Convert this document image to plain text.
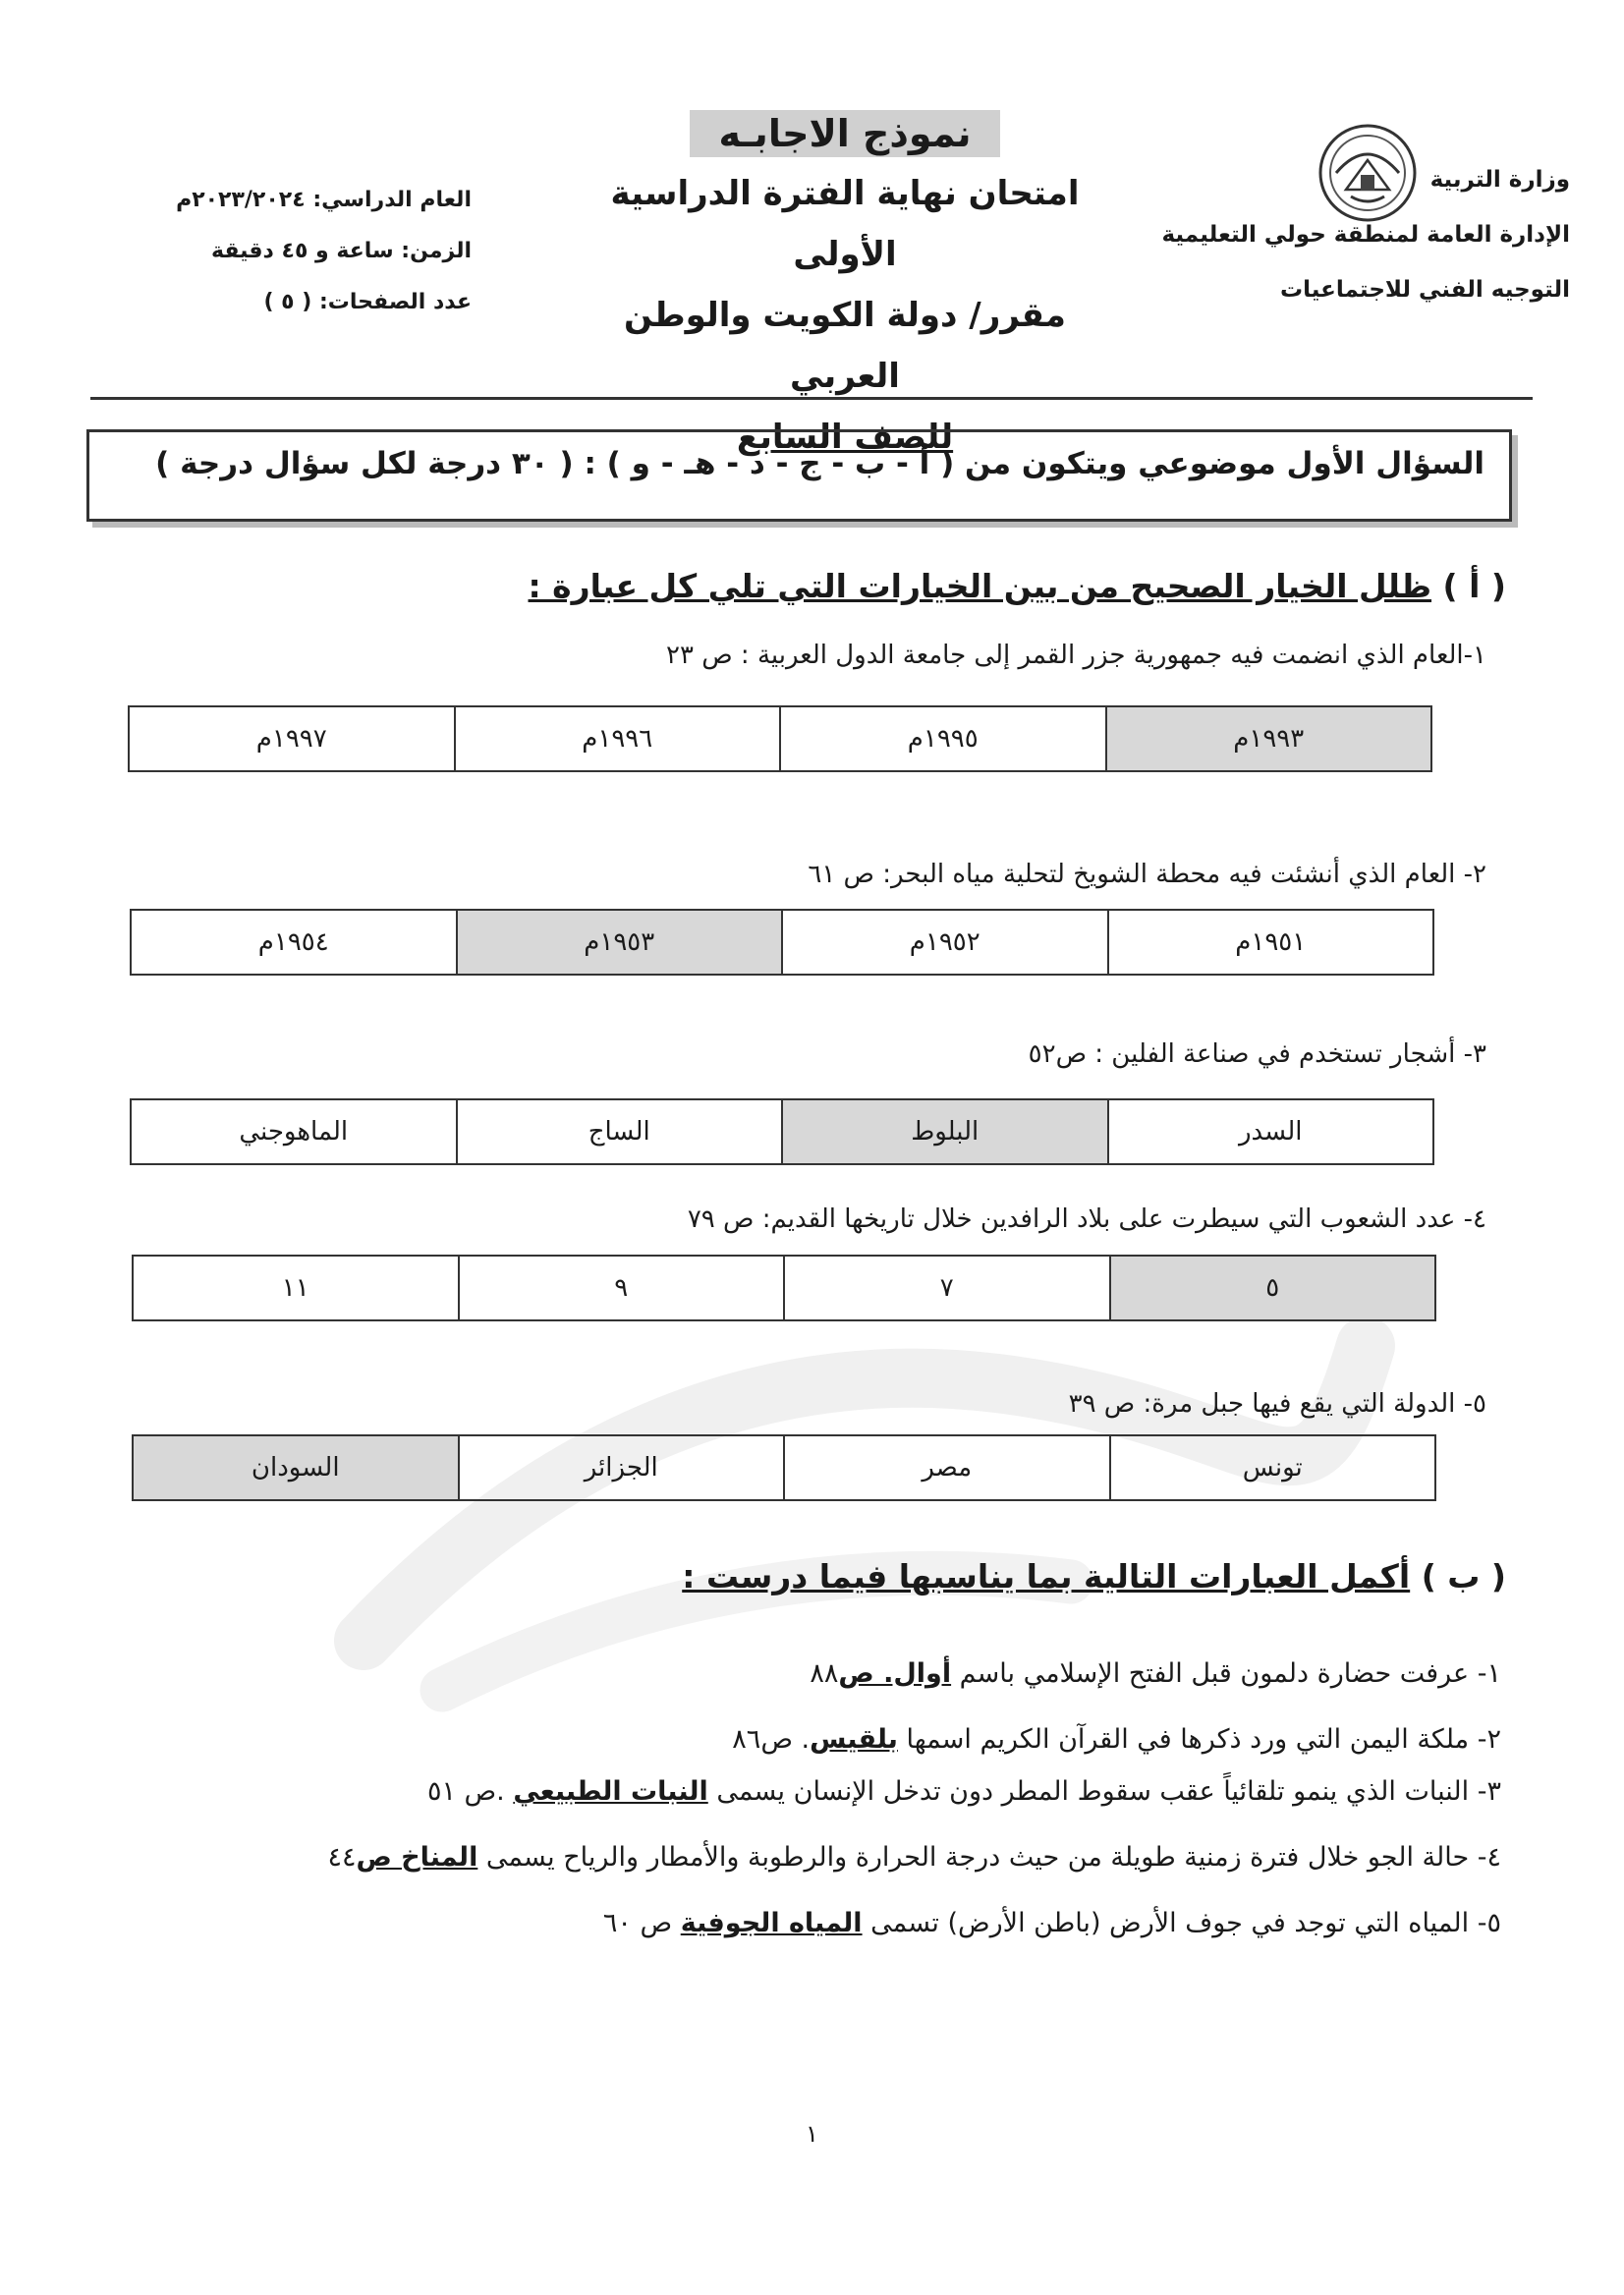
وزارة التربية
الإدارة العامة لمنطقة حولي التعليمية
التوجيه الفني للاجتماعيات
نموذج الاجابـه
امتحان نهاية الفترة الدراسية الأولى
مقرر/ دولة الكويت والوطن العربي
للصف السابع
العام الدراسي: ٢٠٢٣/٢٠٢٤م
الزمن: ساعة و ٤٥ دقيقة
عدد الصفحات: ( ٥ )
السؤال الأول موضوعي ويتكون من ( أ - ب - ج - د - هـ - و ) : ( ٣٠ درجة لكل سؤال درجة )
( أ ) ظلل الخيار الصحيح من بين الخيارات التي تلي كل عبارة :
١-العام الذي انضمت فيه جمهورية جزر القمر إلى جامعة الدول العربية : ص ٢٣
١٩٩٣م	١٩٩٥م	١٩٩٦م	١٩٩٧م
٢- العام الذي أنشئت فيه محطة الشويخ لتحلية مياه البحر: ص ٦١
١٩٥١م	١٩٥٢م	١٩٥٣م	١٩٥٤م
٣- أشجار تستخدم في صناعة الفلين : ص٥٢
السدر	البلوط	الساج	الماهوجني
٤- عدد الشعوب التي سيطرت على بلاد الرافدين خلال تاريخها القديم: ص ٧٩
٥	٧	٩	١١
٥- الدولة التي يقع فيها جبل مرة: ص ٣٩
تونس	مصر	الجزائر	السودان
( ب ) أكمل العبارات التالية بما يناسبها فيما درست :
١- عرفت حضارة دلمون قبل الفتح الإسلامي باسم أوال. ص٨٨
٢- ملكة اليمن التي ورد ذكرها في القرآن الكريم اسمها بلقيس. ص٨٦
٣- النبات الذي ينمو تلقائياً عقب سقوط المطر دون تدخل الإنسان يسمى النبات الطبيعي .ص ٥١
٤- حالة الجو خلال فترة زمنية طويلة من حيث درجة الحرارة والرطوبة والأمطار والرياح يسمى المناخ ص٤٤
٥- المياه التي توجد في جوف الأرض (باطن الأرض) تسمى المياه الجوفية ص ٦٠
١
